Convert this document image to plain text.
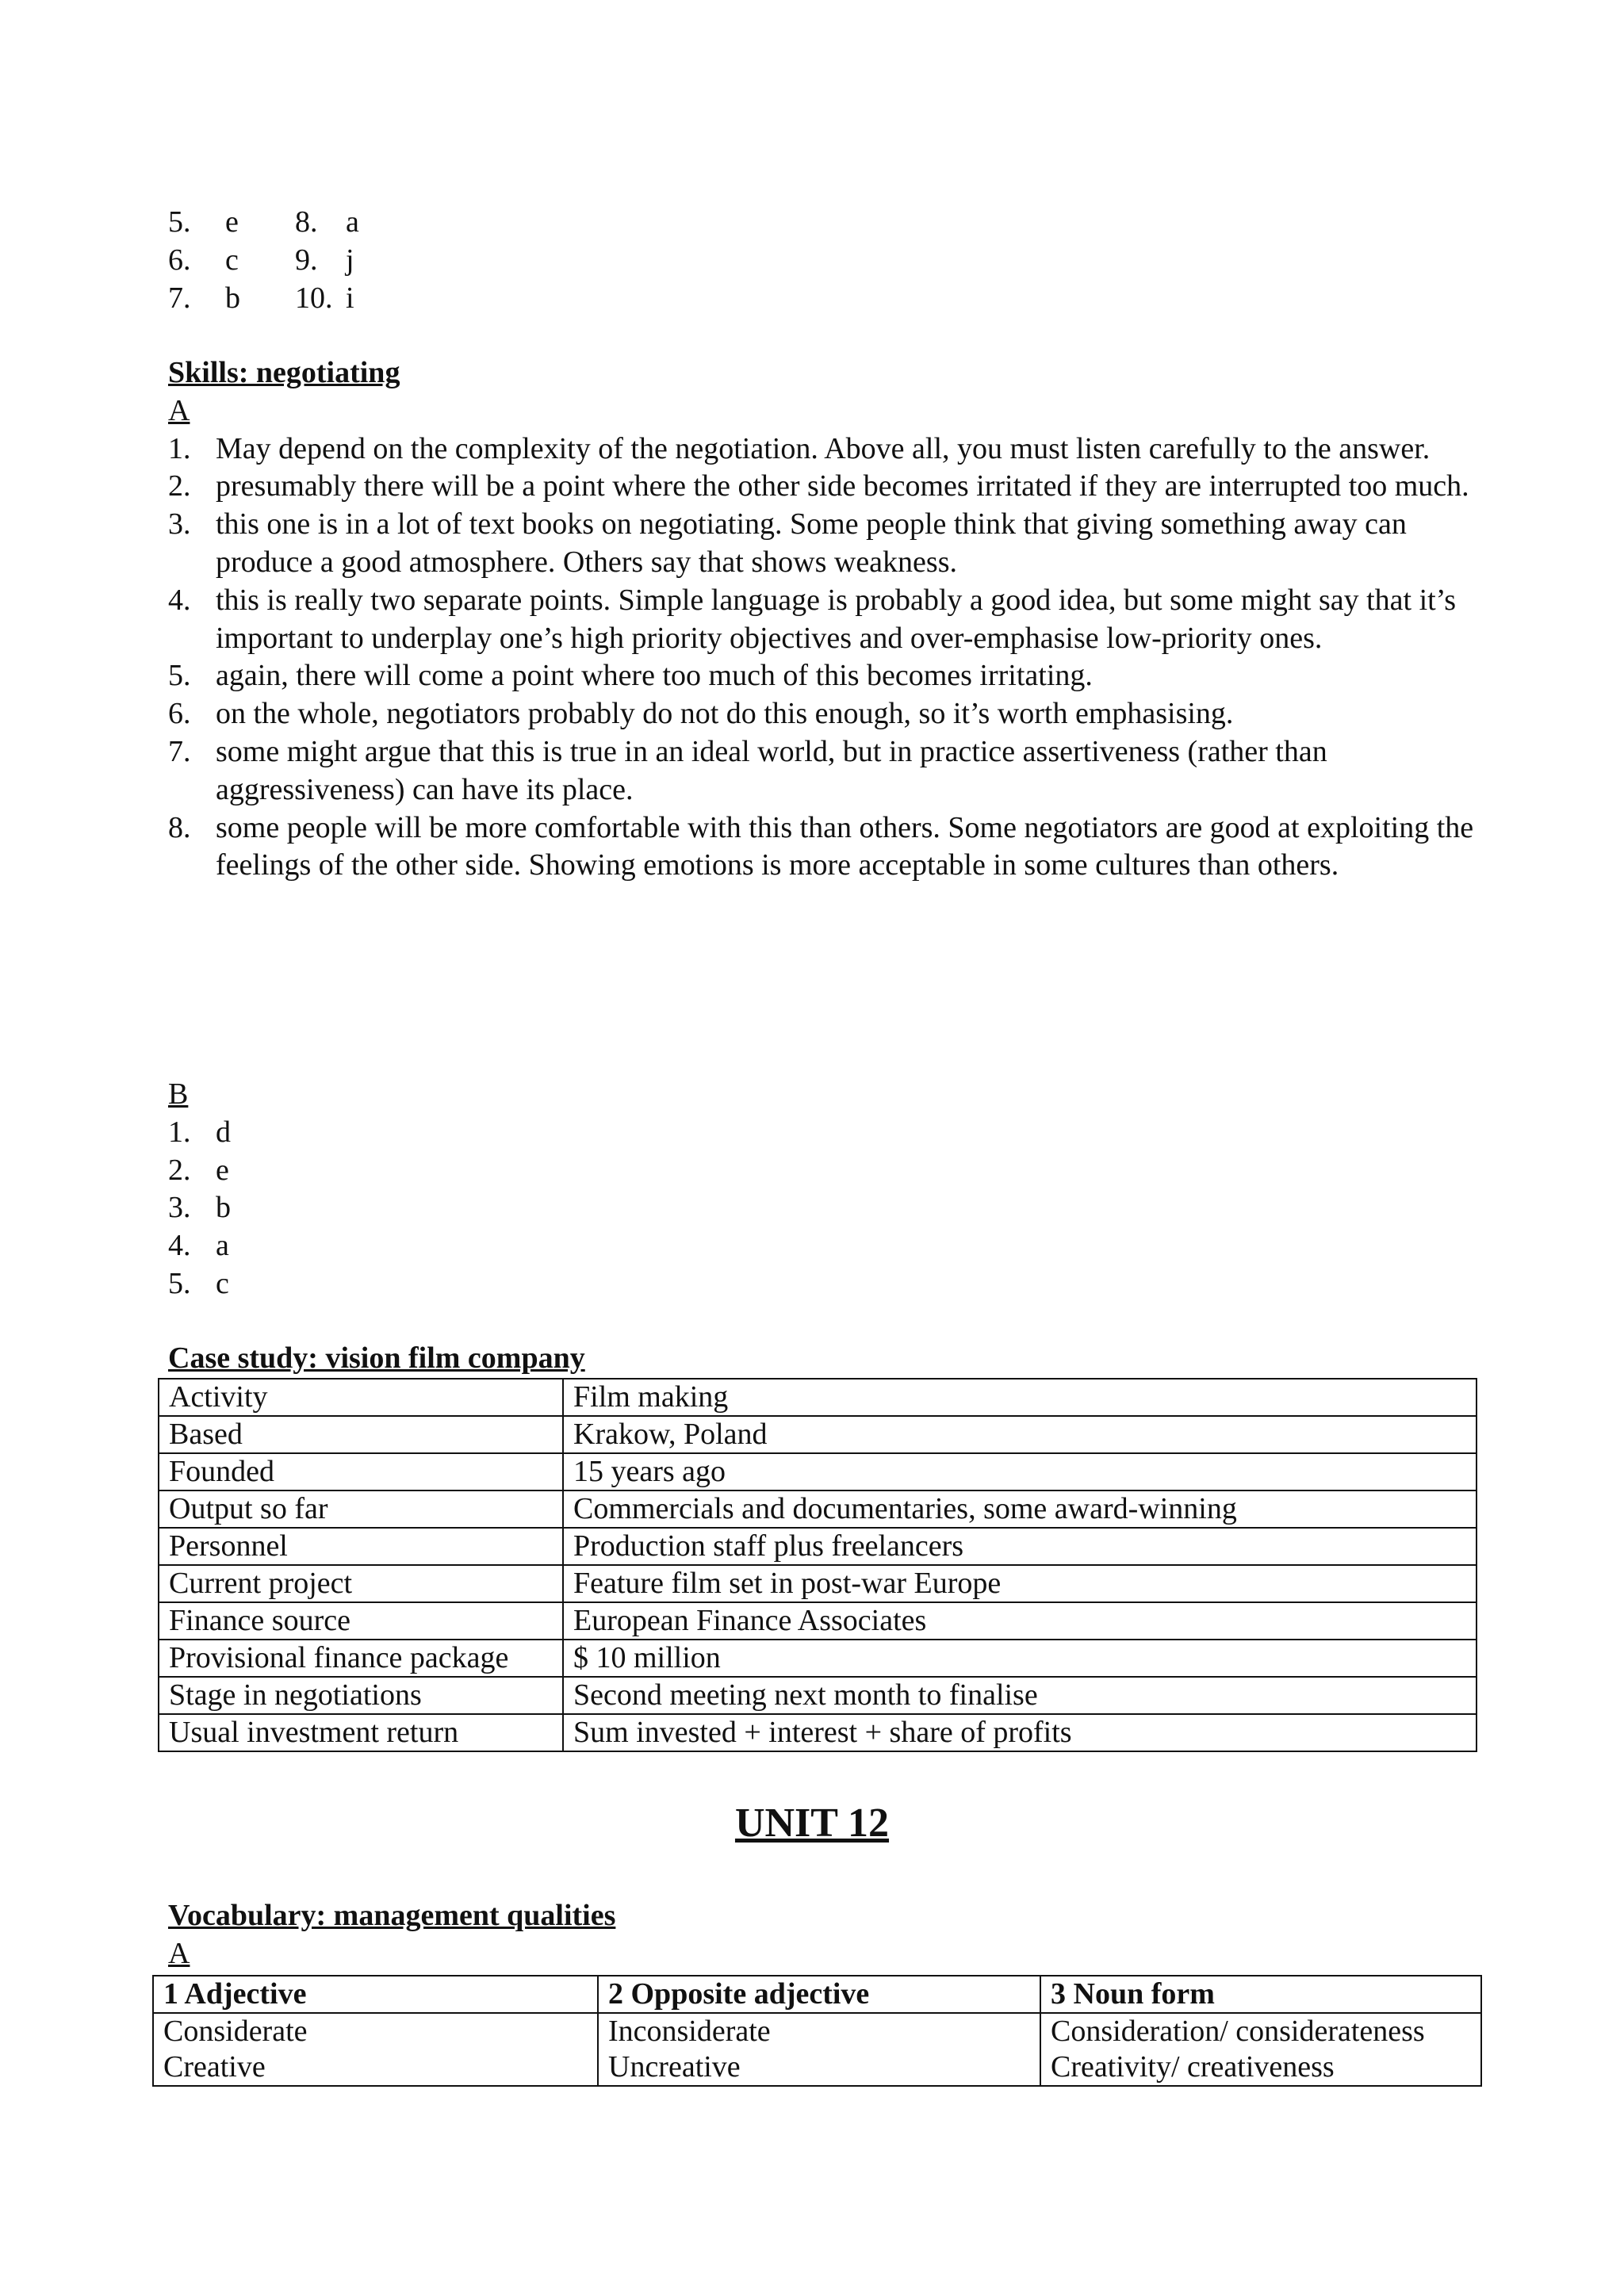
5.	e	8. a
6.	c	9. j
7.	b	10. i
Skills: negotiating
A
1. May depend on the complexity of the negotiation. Above all, you must listen carefully to the answer.
2. presumably there will be a point where the other side becomes irritated if they are interrupted too much.
3. this one is in a lot of text books on negotiating. Some people think that giving something away can produce a good atmosphere. Others say that shows weakness.
4. this is really two separate points. Simple language is probably a good idea, but some might say that it’s important to underplay one’s high priority objectives and over-emphasise low-priority ones.
5. again, there will come a point where too much of this becomes irritating.
6. on the whole, negotiators probably do not do this enough, so it’s worth emphasising.
7. some might argue that this is true in an ideal world, but in practice assertiveness (rather than aggressiveness) can have its place.
8. some people will be more comfortable with this than others. Some negotiators are good at exploiting the feelings of the other side. Showing emotions is more acceptable in some cultures than others.
B
1. d
2. e
3. b
4. a
5. c
Case study: vision film company
Activity	Film making
Based	Krakow, Poland
Founded	15 years ago
Output so far	Commercials and documentaries, some award-winning
Personnel	Production staff plus freelancers
Current project	Feature film set in post-war Europe
Finance source	European Finance Associates
Provisional finance package	$ 10 million
Stage in negotiations	Second meeting next month to finalise
Usual investment return	Sum invested + interest + share of profits
UNIT 12
Vocabulary: management qualities
A
1 Adjective	2 Opposite adjective	3 Noun form
Considerate	Inconsiderate	Consideration/ considerateness
Creative	Uncreative	Creativity/ creativeness
